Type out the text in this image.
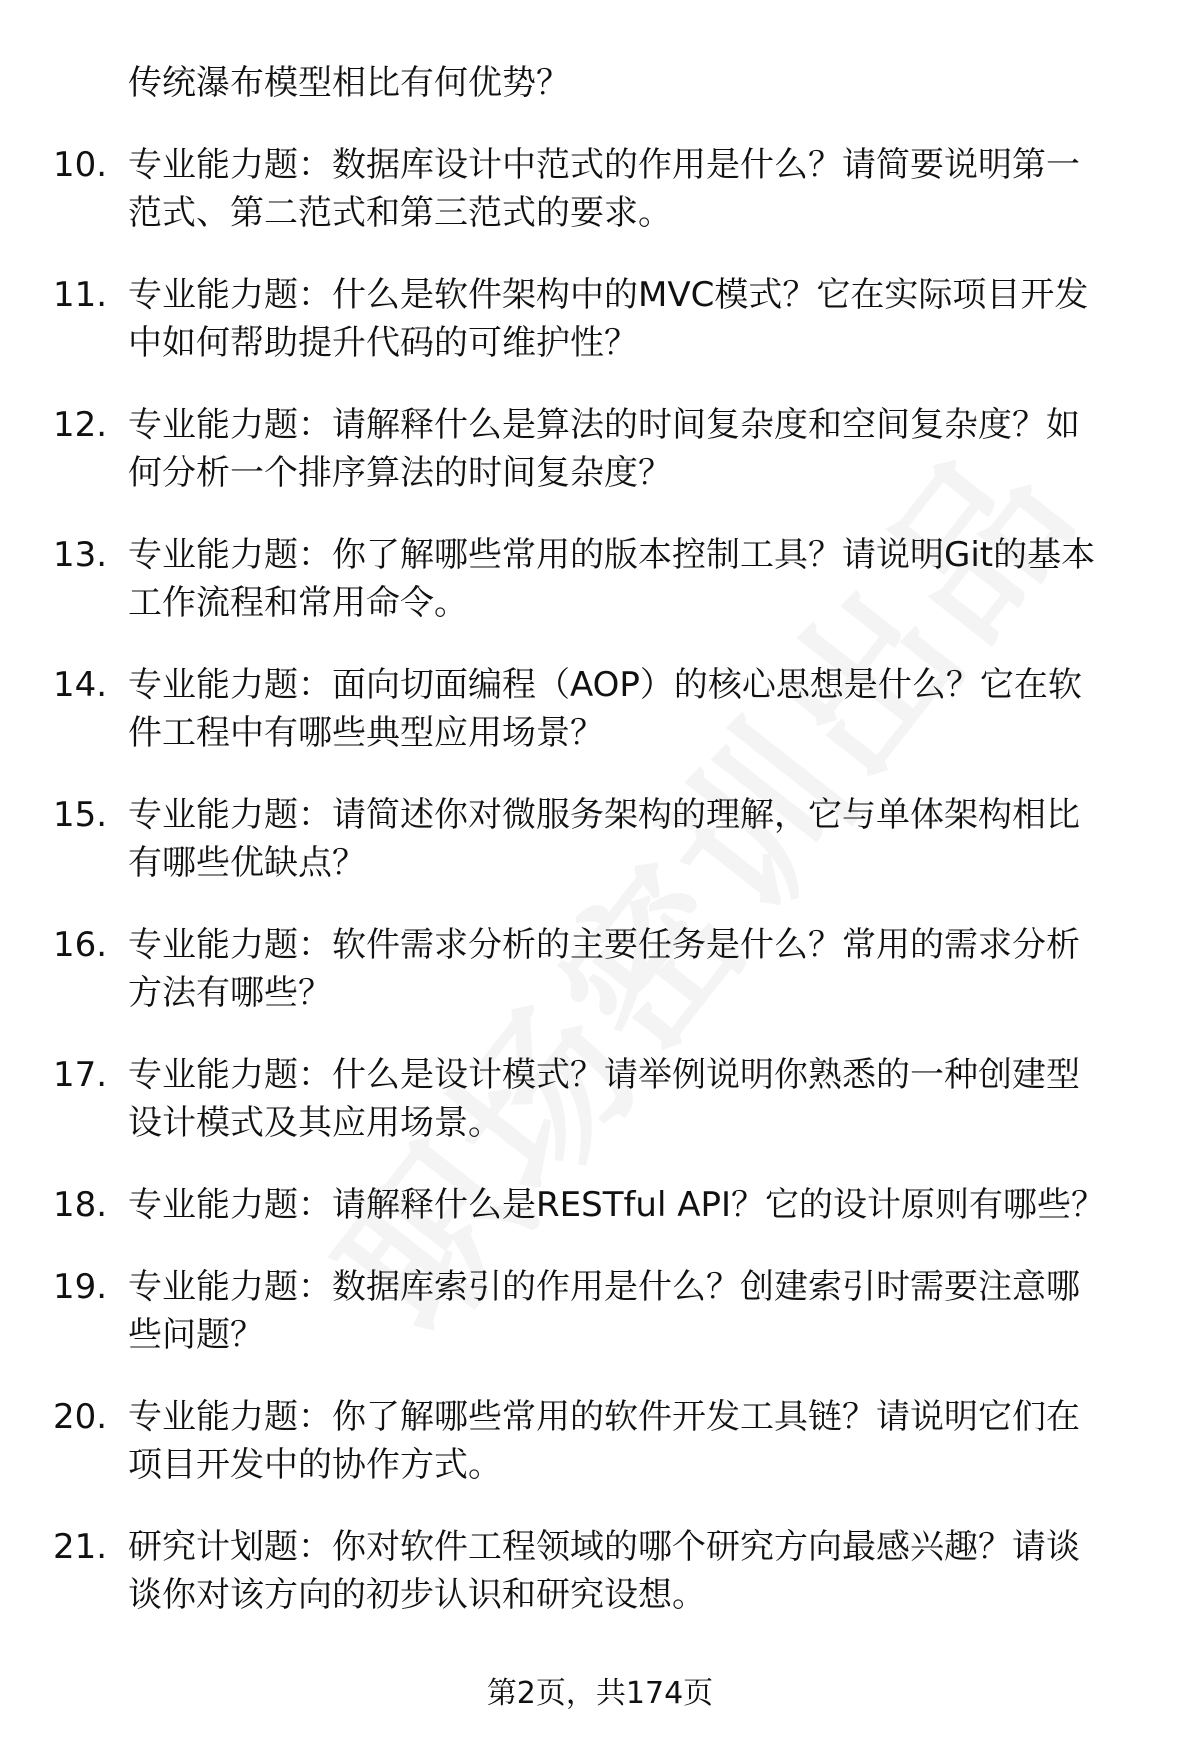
传统瀑布模型相比有何优势？
10. 专业能力题：数据库设计中范式的作用是什么？请简要说明第一
范式、第二范式和第三范式的要求。
11. 专业能力题：什么是软件架构中的MVC模式？它在实际项目开发
中如何帮助提升代码的可维护性？
12. 专业能力题：请解释什么是算法的时间复杂度和空间复杂度？如
何分析一个排序算法的时间复杂度？
13. 专业能力题：你了解哪些常用的版本控制工具？请说明Git的基本
工作流程和常用命令。
14. 专业能力题：面向切面编程（AOP）的核心思想是什么？它在软
件工程中有哪些典型应用场景？
15. 专业能力题：请简述你对微服务架构的理解，它与单体架构相比
有哪些优缺点？
16. 专业能力题：软件需求分析的主要任务是什么？常用的需求分析
方法有哪些？
17. 专业能力题：什么是设计模式？请举例说明你熟悉的一种创建型
设计模式及其应用场景。
18. 专业能力题：请解释什么是RESTful API？它的设计原则有哪些？
19. 专业能力题：数据库索引的作用是什么？创建索引时需要注意哪
些问题？
20. 专业能力题：你了解哪些常用的软件开发工具链？请说明它们在
项目开发中的协作方式。
21. 研究计划题：你对软件工程领域的哪个研究方向最感兴趣？请谈
谈你对该方向的初步认识和研究设想。
第2页，共174页
